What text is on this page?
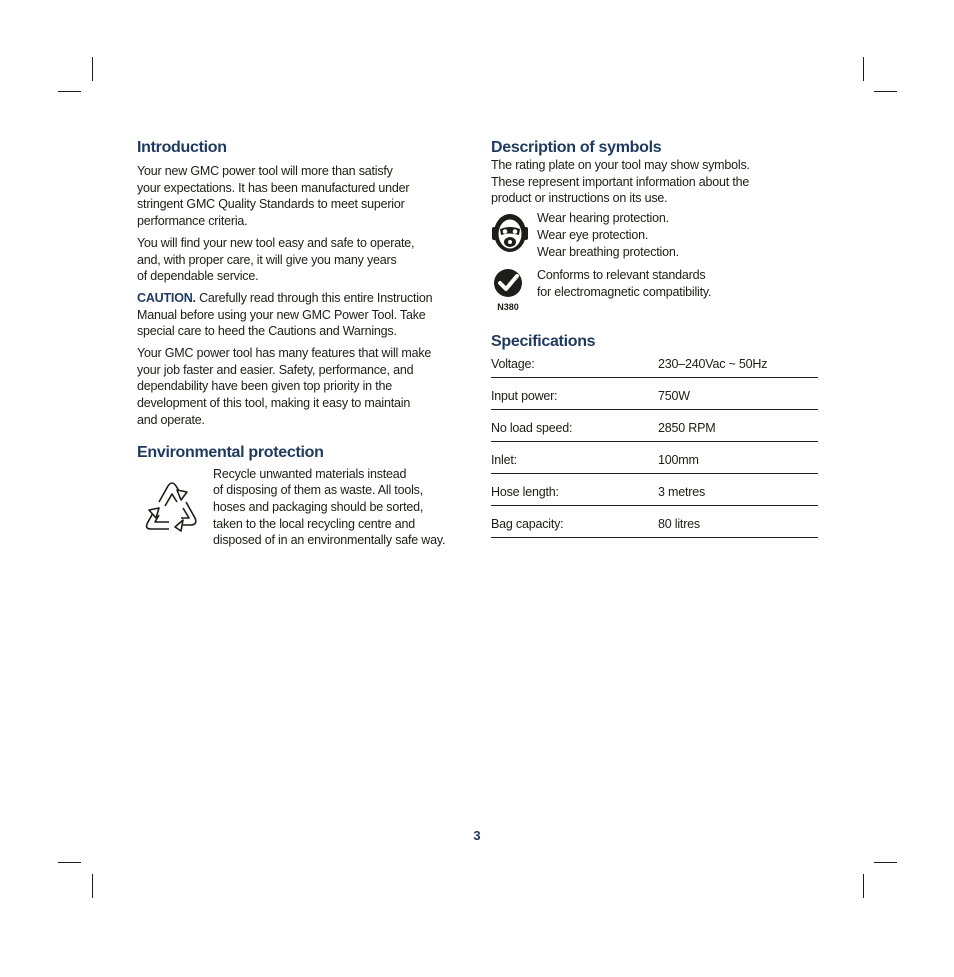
Introduction

Your new GMC power tool will more than satisfy
your expectations. It has been manufactured under
stringent GMC Quality Standards to meet superior
performance criteria.

You will find your new tool easy and safe to operate,
and, with proper care, it will give you many years
of dependable service.

CAUTION. Carefully read through this entire Instruction
Manual before using your new GMC Power Tool. Take
special care to heed the Cautions and Warnings.

Your GMC power tool has many features that will make
your job faster and easier. Safety, performance, and
dependability have been given top priority in the
development of this tool, making it easy to maintain
and operate.

Environmental protection

Recycle unwanted materials instead
of disposing of them as waste. All tools,
hoses and packaging should be sorted,
taken to the local recycling centre and
disposed of in an environmentally safe way.

Description of symbols

The rating plate on your tool may show symbols.
These represent important information about the
product or instructions on its use.

Wear hearing protection.
Wear eye protection.
Wear breathing protection.

N380

Conforms to relevant standards
for electromagnetic compatibility.

Specifications
Voltage:	230–240Vac ~ 50Hz
Input power:	750W
No load speed:	2850 RPM
Inlet:	100mm
Hose length:	3 metres
Bag capacity:	80 litres
3
